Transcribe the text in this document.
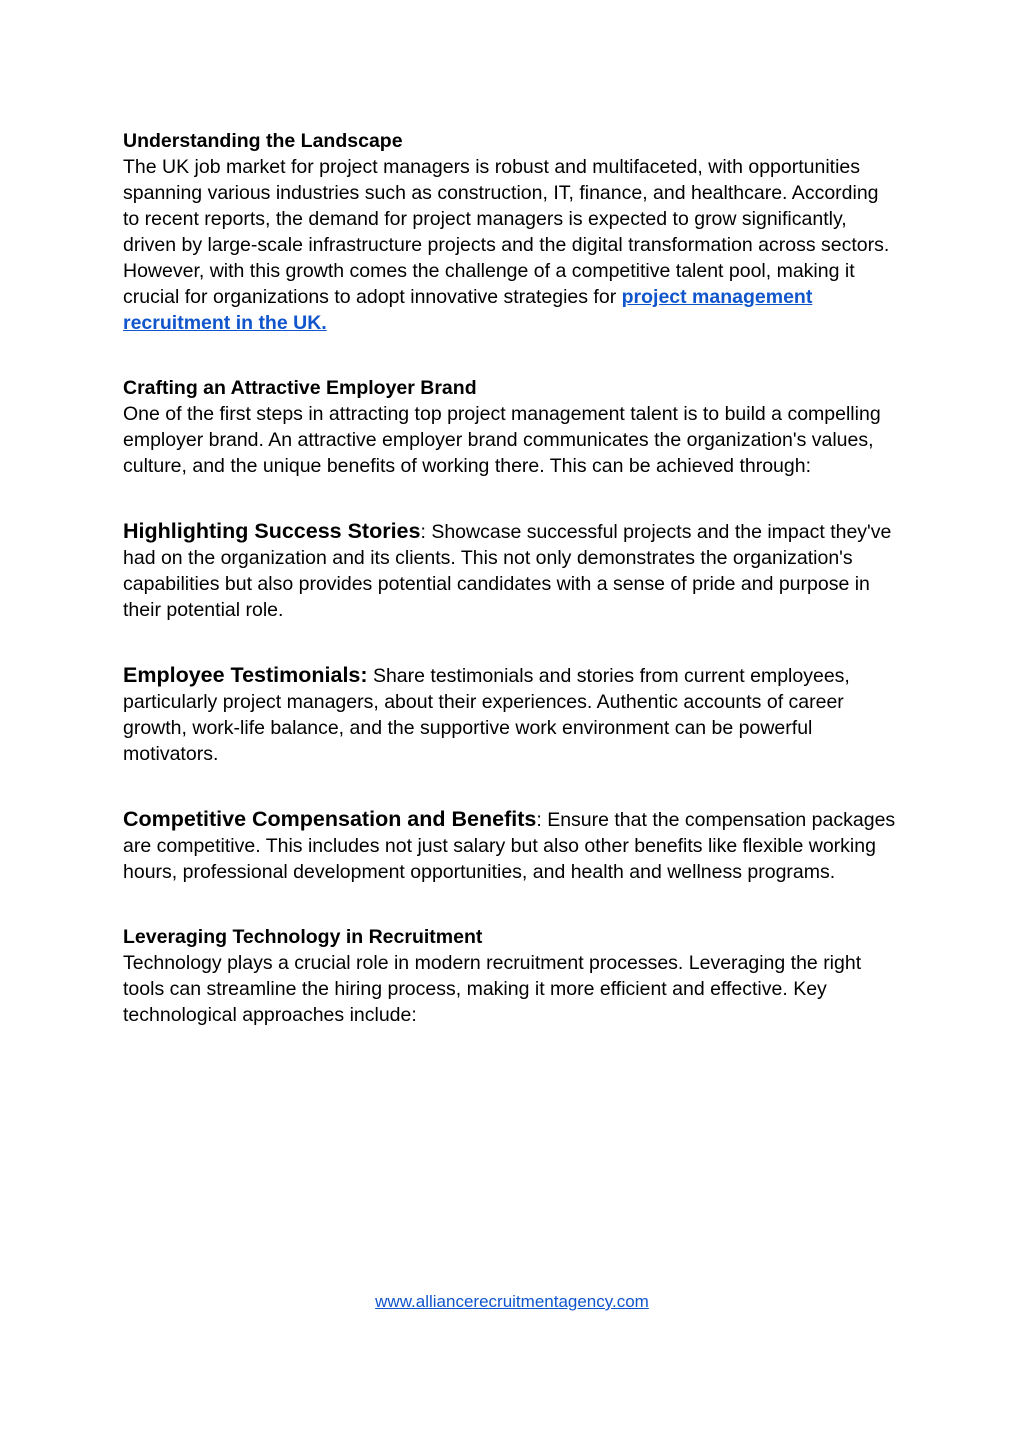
Understanding the Landscape

The UK job market for project managers is robust and multifaceted, with opportunities spanning various industries such as construction, IT, finance, and healthcare. According to recent reports, the demand for project managers is expected to grow significantly, driven by large-scale infrastructure projects and the digital transformation across sectors. However, with this growth comes the challenge of a competitive talent pool, making it crucial for organizations to adopt innovative strategies for project management recruitment in the UK.

Crafting an Attractive Employer Brand

One of the first steps in attracting top project management talent is to build a compelling employer brand. An attractive employer brand communicates the organization's values, culture, and the unique benefits of working there. This can be achieved through:

Highlighting Success Stories: Showcase successful projects and the impact they've had on the organization and its clients. This not only demonstrates the organization's capabilities but also provides potential candidates with a sense of pride and purpose in their potential role.

Employee Testimonials: Share testimonials and stories from current employees, particularly project managers, about their experiences. Authentic accounts of career growth, work-life balance, and the supportive work environment can be powerful motivators.

Competitive Compensation and Benefits: Ensure that the compensation packages are competitive. This includes not just salary but also other benefits like flexible working hours, professional development opportunities, and health and wellness programs.

Leveraging Technology in Recruitment

Technology plays a crucial role in modern recruitment processes. Leveraging the right tools can streamline the hiring process, making it more efficient and effective. Key technological approaches include:

www.alliancerecruitmentagency.com
